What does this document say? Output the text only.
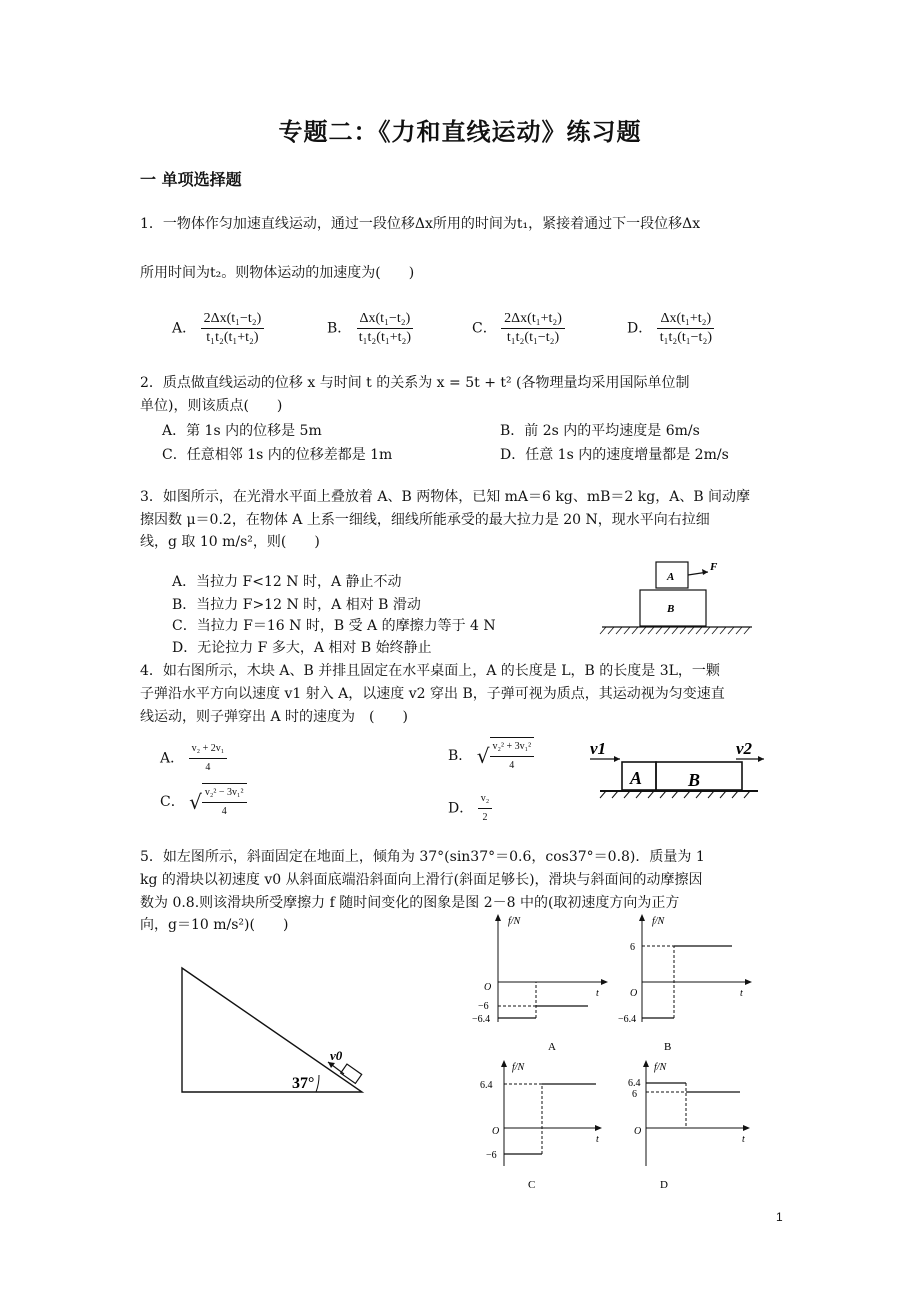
专题二：《力和直线运动》练习题
一 单项选择题
1．一物体作匀加速直线运动，通过一段位移Δx所用的时间为t₁，紧接着通过下一段位移Δx
所用时间为t₂。则物体运动的加速度为(　　)
A． $\frac{\text{2Δx(t₁−t₂)}}{\text{t₁t₂(t₁+t₂)}}$	B． $\frac{\text{Δx(t₁−t₂)}}{\text{t₁t₂(t₁+t₂)}}$	C． $\frac{\text{2Δx(t₁+t₂)}}{\text{t₁t₂(t₁−t₂)}}$	D． $\frac{\text{Δx(t₁+t₂)}}{\text{t₁t₂(t₁−t₂)}}$
2．质点做直线运动的位移 x 与时间 t 的关系为 x = 5t + t² (各物理量均采用国际单位制
单位)，则该质点(　　)
A．第 1s 内的位移是 5m	B．前 2s 内的平均速度是 6m/s
C．任意相邻 1s 内的位移差都是 1m	D．任意 1s 内的速度增量都是 2m/s
3．如图所示，在光滑水平面上叠放着 A、B 两物体，已知 mA＝6 kg、mB＝2 kg，A、B 间动摩
擦因数 μ＝0.2，在物体 A 上系一细线，细线所能承受的最大拉力是 20 N，现水平向右拉细
线，g 取 10 m/s²，则(　　)
A．当拉力 F<12 N 时，A 静止不动
B．当拉力 F>12 N 时，A 相对 B 滑动
C．当拉力 F＝16 N 时，B 受 A 的摩擦力等于 4 N
D．无论拉力 F 多大，A 相对 B 始终静止
A
F
B
4．如右图所示，木块 A、B 并排且固定在水平桌面上，A 的长度是 L，B 的长度是 3L，一颗
子弹沿水平方向以速度 v1 射入 A，以速度 v2 穿出 B，子弹可视为质点，其运动视为匀变速直
线运动，则子弹穿出 A 时的速度为　(　　)
A． $\frac{\text{v₂ + 2v₁}}{4}$	B． √ $\frac{\text{v₂² + 3v₁²}}{4}$
C． √ $\frac{\text{v₂² − 3v₁²}}{4}$	D． $\frac{\text{v₂}}{2}$
v1	v2
A	B
5．如左图所示，斜面固定在地面上，倾角为 37°(sin37°＝0.6，cos37°＝0.8)．质量为 1
kg 的滑块以初速度 v0 从斜面底端沿斜面向上滑行(斜面足够长)，滑块与斜面间的动摩擦因
数为 0.8.则该滑块所受摩擦力 f 随时间变化的图象是图 2－8 中的(取初速度方向为正方
向，g＝10 m/s²)(　　)
37°
v0
f/N
t
O
−6
−6.4
A
f/N
t
O
6
−6.4
B
f/N
t
O
6.4
−6
C
f/N
t
O
6.4
6
D
1
